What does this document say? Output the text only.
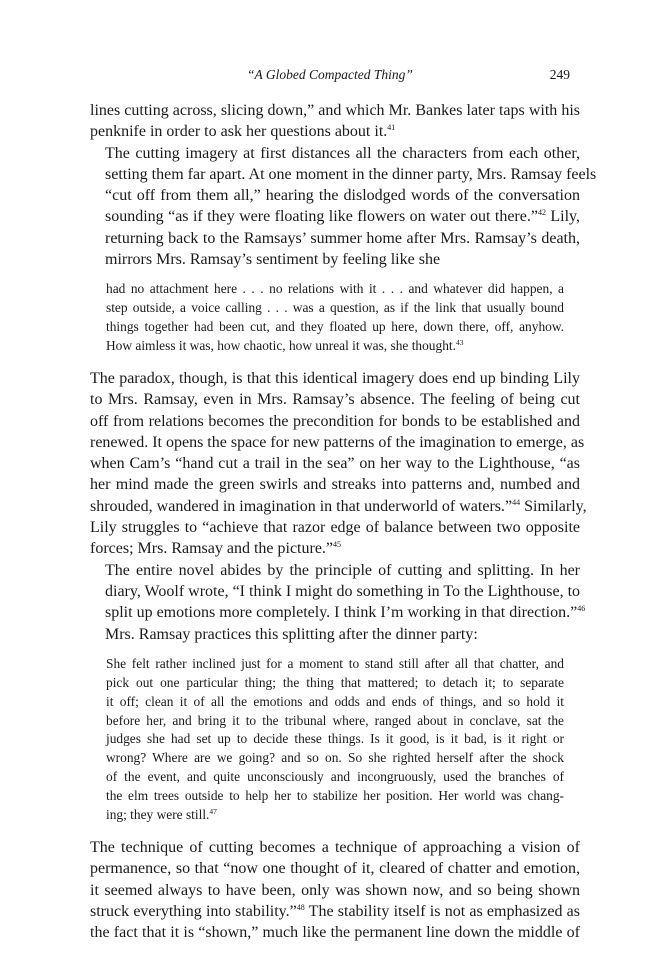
“A Globed Compacted Thing”	249

lines cutting across, slicing down,” and which Mr. Bankes later taps with his
penknife in order to ask her questions about it.$^{41}$

The cutting imagery at first distances all the characters from each other,
setting them far apart. At one moment in the dinner party, Mrs. Ramsay feels
“cut off from them all,” hearing the dislodged words of the conversation
sounding “as if they were floating like flowers on water out there.”$^{42}$ Lily,
returning back to the Ramsays’ summer home after Mrs. Ramsay’s death,
mirrors Mrs. Ramsay’s sentiment by feeling like she

had no attachment here . . . no relations with it . . . and whatever did happen, a
step outside, a voice calling . . . was a question, as if the link that usually bound
things together had been cut, and they floated up here, down there, off, anyhow.
How aimless it was, how chaotic, how unreal it was, she thought.$^{43}$

The paradox, though, is that this identical imagery does end up binding Lily
to Mrs. Ramsay, even in Mrs. Ramsay’s absence. The feeling of being cut
off from relations becomes the precondition for bonds to be established and
renewed. It opens the space for new patterns of the imagination to emerge, as
when Cam’s “hand cut a trail in the sea” on her way to the Lighthouse, “as
her mind made the green swirls and streaks into patterns and, numbed and
shrouded, wandered in imagination in that underworld of waters.”$^{44}$ Similarly,
Lily struggles to “achieve that razor edge of balance between two opposite
forces; Mrs. Ramsay and the picture.”$^{45}$

The entire novel abides by the principle of cutting and splitting. In her
diary, Woolf wrote, “I think I might do something in To the Lighthouse, to
split up emotions more completely. I think I’m working in that direction.”$^{46}$
Mrs. Ramsay practices this splitting after the dinner party:

She felt rather inclined just for a moment to stand still after all that chatter, and
pick out one particular thing; the thing that mattered; to detach it; to separate
it off; clean it of all the emotions and odds and ends of things, and so hold it
before her, and bring it to the tribunal where, ranged about in conclave, sat the
judges she had set up to decide these things. Is it good, is it bad, is it right or
wrong? Where are we going? and so on. So she righted herself after the shock
of the event, and quite unconsciously and incongruously, used the branches of
the elm trees outside to help her to stabilize her position. Her world was chang-
ing; they were still.$^{47}$

The technique of cutting becomes a technique of approaching a vision of
permanence, so that “now one thought of it, cleared of chatter and emotion,
it seemed always to have been, only was shown now, and so being shown
struck everything into stability.”$^{48}$ The stability itself is not as emphasized as
the fact that it is “shown,” much like the permanent line down the middle of
